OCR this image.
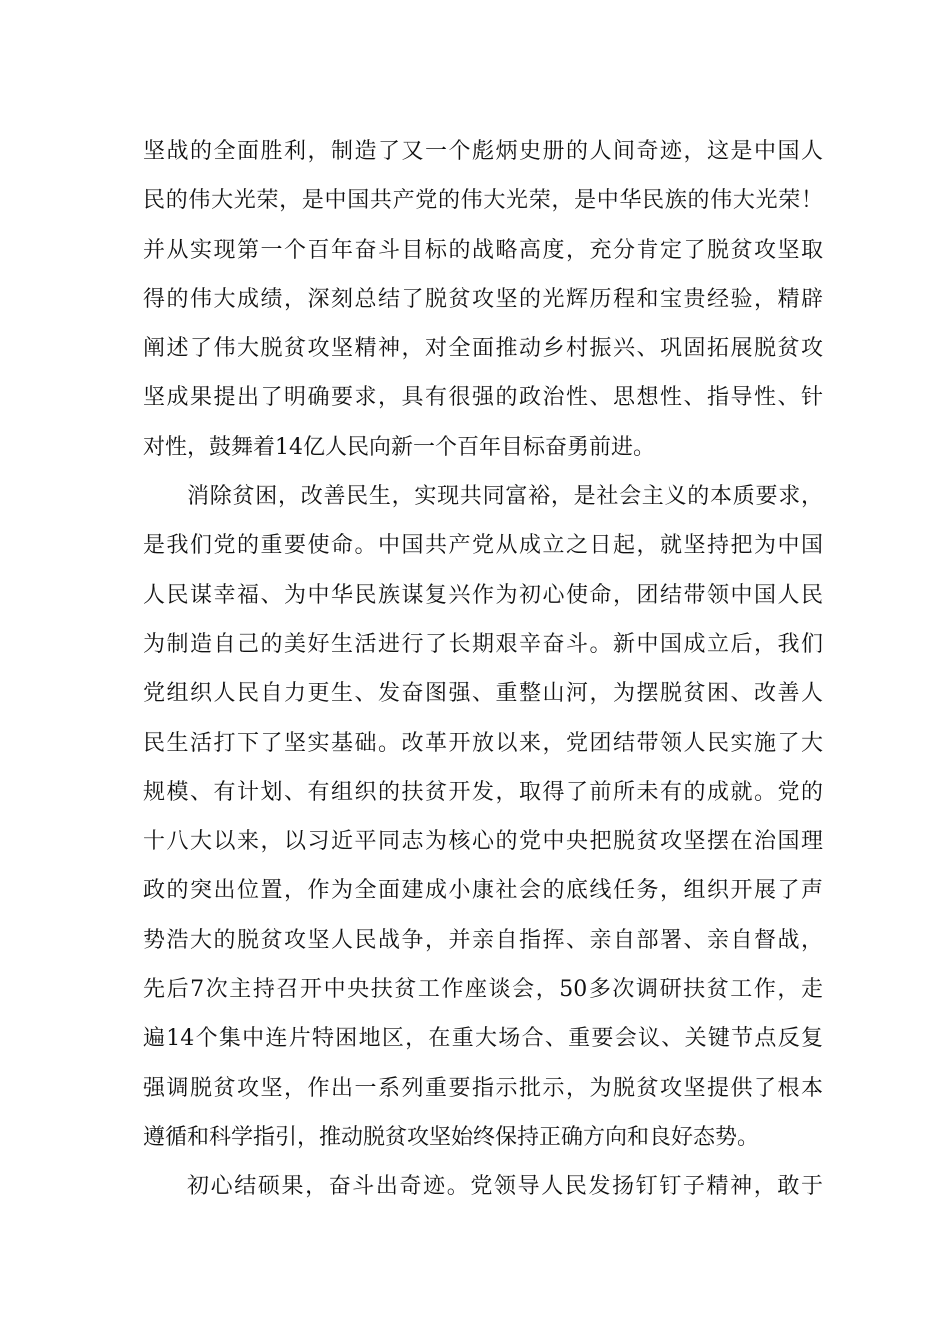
坚战的全面胜利，制造了又一个彪炳史册的人间奇迹，这是中国人
民的伟大光荣，是中国共产党的伟大光荣，是中华民族的伟大光荣！
并从实现第一个百年奋斗目标的战略高度，充分肯定了脱贫攻坚取
得的伟大成绩，深刻总结了脱贫攻坚的光辉历程和宝贵经验，精辟
阐述了伟大脱贫攻坚精神，对全面推动乡村振兴、巩固拓展脱贫攻
坚成果提出了明确要求，具有很强的政治性、思想性、指导性、针
对性，鼓舞着14亿人民向新一个百年目标奋勇前进。
消除贫困，改善民生，实现共同富裕，是社会主义的本质要求，
是我们党的重要使命。中国共产党从成立之日起，就坚持把为中国
人民谋幸福、为中华民族谋复兴作为初心使命，团结带领中国人民
为制造自己的美好生活进行了长期艰辛奋斗。新中国成立后，我们
党组织人民自力更生、发奋图强、重整山河，为摆脱贫困、改善人
民生活打下了坚实基础。改革开放以来，党团结带领人民实施了大
规模、有计划、有组织的扶贫开发，取得了前所未有的成就。党的
十八大以来，以习近平同志为核心的党中央把脱贫攻坚摆在治国理
政的突出位置，作为全面建成小康社会的底线任务，组织开展了声
势浩大的脱贫攻坚人民战争，并亲自指挥、亲自部署、亲自督战，
先后7次主持召开中央扶贫工作座谈会，50多次调研扶贫工作，走
遍14个集中连片特困地区，在重大场合、重要会议、关键节点反复
强调脱贫攻坚，作出一系列重要指示批示，为脱贫攻坚提供了根本
遵循和科学指引，推动脱贫攻坚始终保持正确方向和良好态势。
初心结硕果，奋斗出奇迹。党领导人民发扬钉钉子精神，敢于
